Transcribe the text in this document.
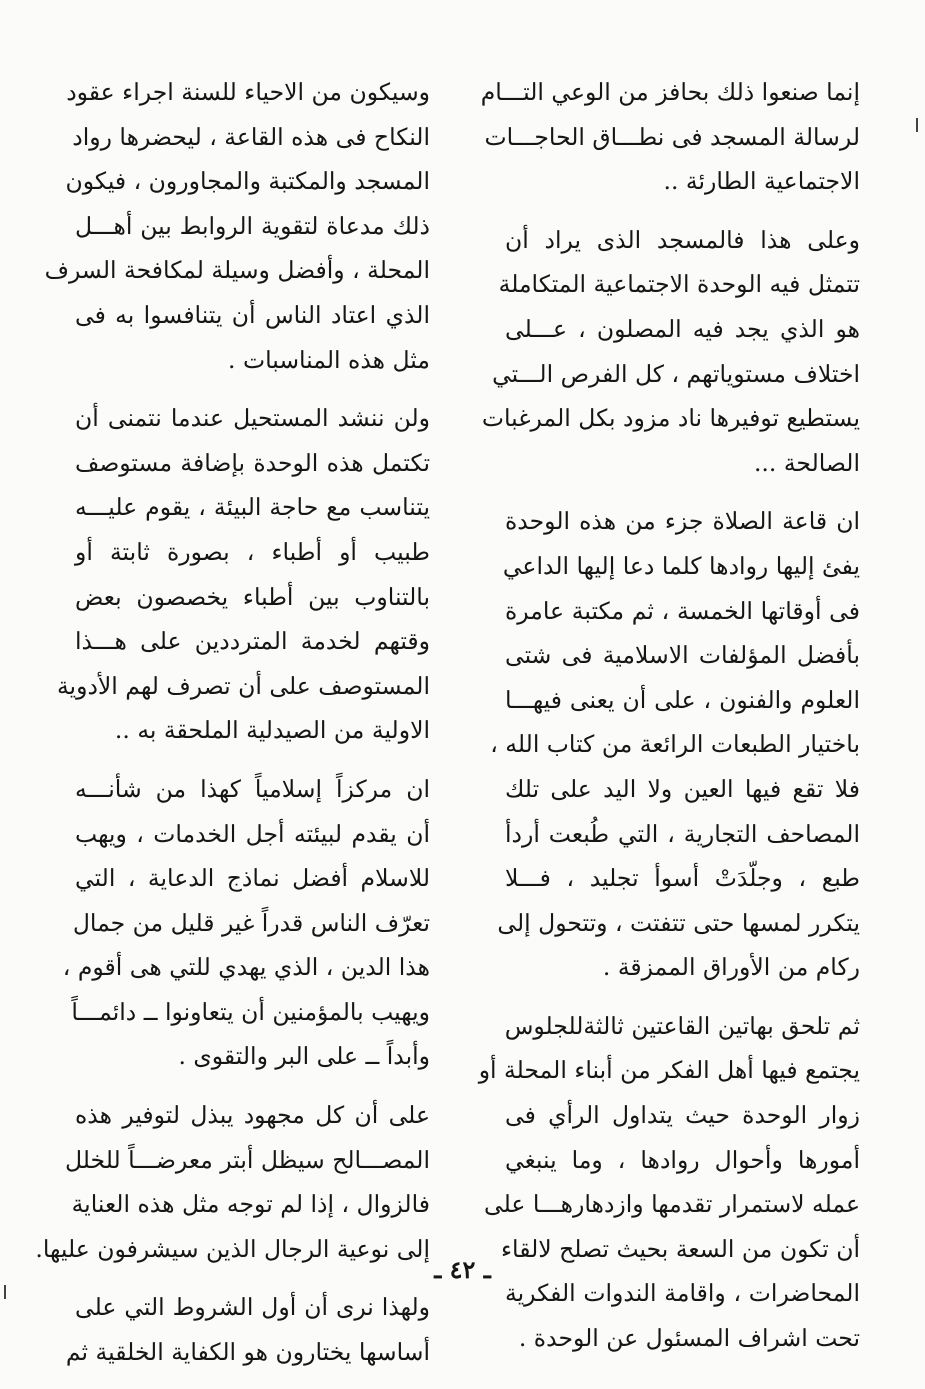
إنما صنعوا ذلك بحافز من الوعي التـــام
لرسالة المسجد فى نطـــاق الحاجـــات
الاجتماعية الطارئة ..

وعلى هذا فالمسجد الذى يراد أن
تتمثل فيه الوحدة الاجتماعية المتكاملة
هو الذي يجد فيه المصلون ، عـــلى
اختلاف مستوياتهم ، كل الفرص الـــتي
يستطيع توفيرها ناد مزود بكل المرغبات
الصالحة ...

ان قاعة الصلاة جزء من هذه الوحدة
يفئ إليها روادها كلما دعا إليها الداعي
فى أوقاتها الخمسة ، ثم مكتبة عامرة
بأفضل المؤلفات الاسلامية فى شتى
العلوم والفنون ، على أن يعنى فيهـــا
باختيار الطبعات الرائعة من كتاب الله ،
فلا تقع فيها العين ولا اليد على تلك
المصاحف التجارية ، التي طُبعت أردأ
طبع ، وجلّدَتْ أسوأ تجليد ، فـــلا
يتكرر لمسها حتى تتفتت ، وتتحول إلى
ركام من الأوراق الممزقة .

ثم تلحق بهاتين القاعتين ثالثةللجلوس
يجتمع فيها أهل الفكر من أبناء المحلة أو
زوار الوحدة حيث يتداول الرأي فى
أمورها وأحوال روادها ، وما ينبغي
عمله لاستمرار تقدمها وازدهارهـــا على
أن تكون من السعة بحيث تصلح لالقاء
المحاضرات ، واقامة الندوات الفكرية
تحت اشراف المسئول عن الوحدة .

وسيكون من الاحياء للسنة اجراء عقود
النكاح فى هذه القاعة ، ليحضرها رواد
المسجد والمكتبة والمجاورون ، فيكون
ذلك مدعاة لتقوية الروابط بين أهـــل
المحلة ، وأفضل وسيلة لمكافحة السرف
الذي اعتاد الناس أن يتنافسوا به فى
مثل هذه المناسبات .

ولن ننشد المستحيل عندما نتمنى أن
تكتمل هذه الوحدة بإضافة مستوصف
يتناسب مع حاجة البيئة ، يقوم عليـــه
طبيب أو أطباء ، بصورة ثابتة أو
بالتناوب بين أطباء يخصصون بعض
وقتهم لخدمة المترددين على هـــذا
المستوصف على أن تصرف لهم الأدوية
الاولية من الصيدلية الملحقة به ..

ان مركزاً إسلامياً كهذا من شأنـــه
أن يقدم لبيئته أجل الخدمات ، ويهب
للاسلام أفضل نماذج الدعاية ، التي
تعرّف الناس قدراً غير قليل من جمال
هذا الدين ، الذي يهدي للتي هى أقوم ،
ويهيب بالمؤمنين أن يتعاونوا ــ دائمـــاً
وأبداً ــ على البر والتقوى .

على أن كل مجهود يبذل لتوفير هذه
المصـــالح سيظل أبتر معرضـــاً للخلل
فالزوال ، إذا لم توجه مثل هذه العناية
إلى نوعية الرجال الذين سيشرفون عليها.

ولهذا نرى أن أول الشروط التي على
أساسها يختارون هو الكفاية الخلقية ثم

ـ ٤٢ ـ
